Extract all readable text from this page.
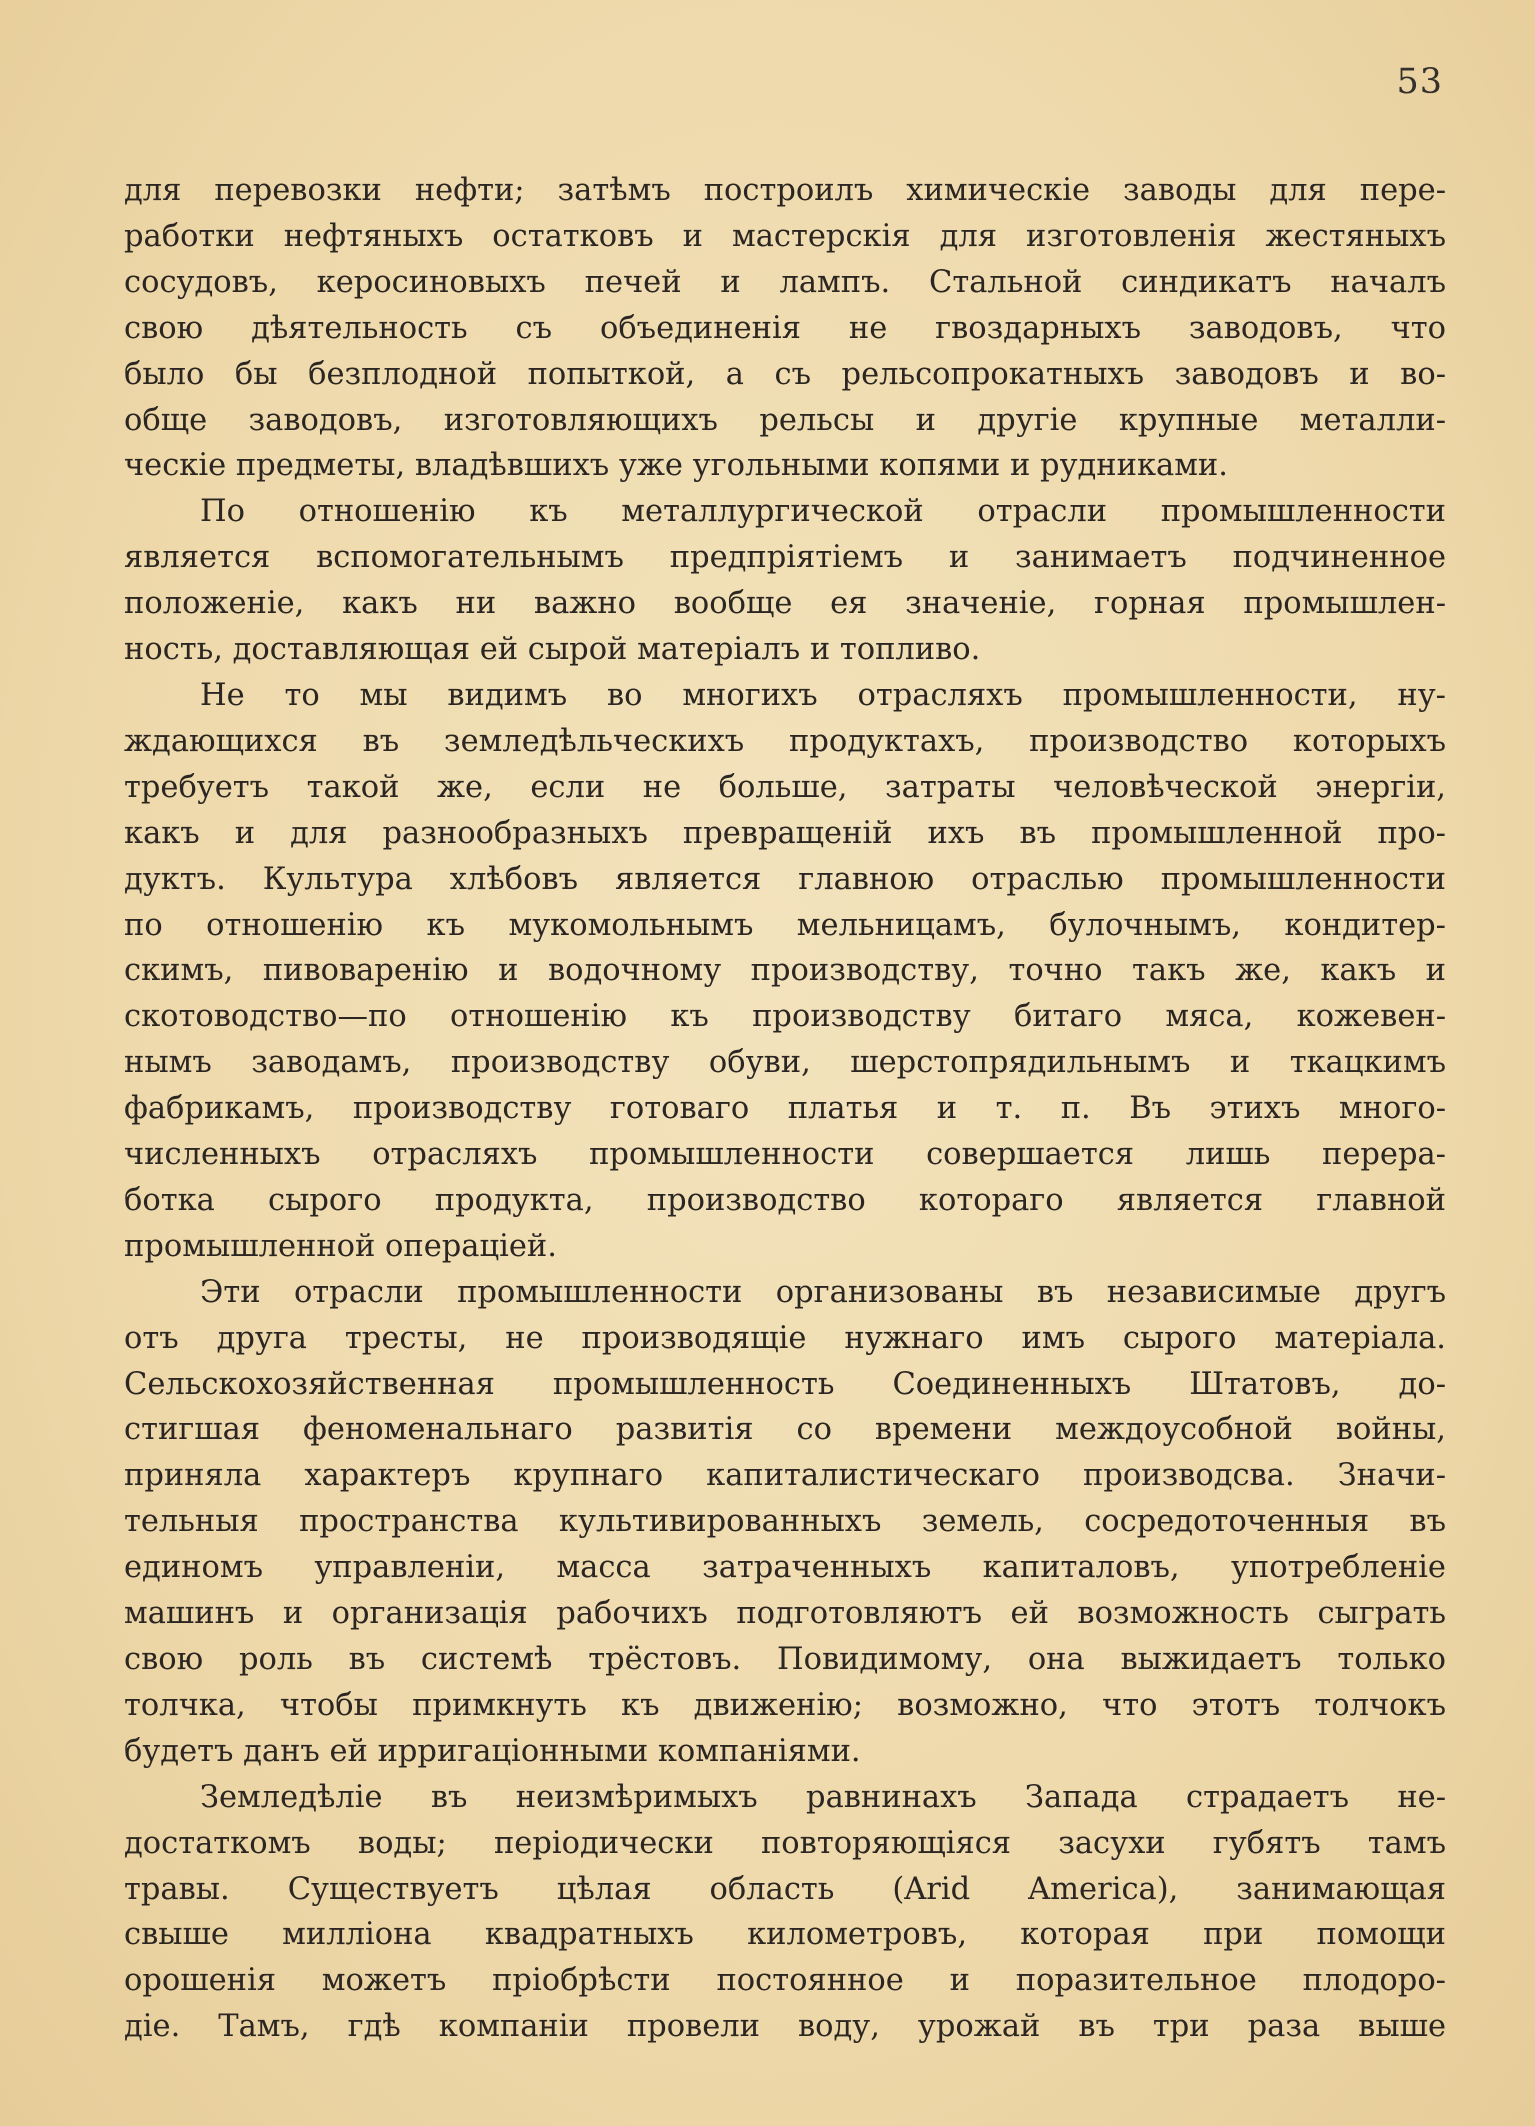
53
для перевозки нефти; затѣмъ построилъ химическіе заводы для пере-
работки нефтяныхъ остатковъ и мастерскія для изготовленія жестяныхъ
сосудовъ, керосиновыхъ печей и лампъ. Стальной синдикатъ началъ
свою дѣятельность съ объединенія не гвоздарныхъ заводовъ, что
было бы безплодной попыткой, а съ рельсопрокатныхъ заводовъ и во-
обще заводовъ, изготовляющихъ рельсы и другіе крупные металли-
ческіе предметы, владѣвшихъ уже угольными копями и рудниками.
По отношенію къ металлургической отрасли промышленности
является вспомогательнымъ предпріятіемъ и занимаетъ подчиненное
положеніе, какъ ни важно вообще ея значеніе, горная промышлен-
ность, доставляющая ей сырой матеріалъ и топливо.
Не то мы видимъ во многихъ отрасляхъ промышленности, ну-
ждающихся въ земледѣльческихъ продуктахъ, производство которыхъ
требуетъ такой же, если не больше, затраты человѣческой энергіи,
какъ и для разнообразныхъ превращеній ихъ въ промышленной про-
дуктъ. Культура хлѣбовъ является главною отраслью промышленности
по отношенію къ мукомольнымъ мельницамъ, булочнымъ, кондитер-
скимъ, пивоваренію и водочному производству, точно такъ же, какъ и
скотоводство—по отношенію къ производству битаго мяса, кожевен-
нымъ заводамъ, производству обуви, шерстопрядильнымъ и ткацкимъ
фабрикамъ, производству готоваго платья и т. п. Въ этихъ много-
численныхъ отрасляхъ промышленности совершается лишь перера-
ботка сырого продукта, производство котораго является главной
промышленной операціей.
Эти отрасли промышленности организованы въ независимые другъ
отъ друга тресты, не производящіе нужнаго имъ сырого матеріала.
Сельскохозяйственная промышленность Соединенныхъ Штатовъ, до-
стигшая феноменальнаго развитія со времени междоусобной войны,
приняла характеръ крупнаго капиталистическаго производсва. Значи-
тельныя пространства культивированныхъ земель, сосредоточенныя въ
единомъ управленіи, масса затраченныхъ капиталовъ, употребленіе
машинъ и организація рабочихъ подготовляютъ ей возможность сыграть
свою роль въ системѣ трёстовъ. Повидимому, она выжидаетъ только
толчка, чтобы примкнуть къ движенію; возможно, что этотъ толчокъ
будетъ данъ ей ирригаціонными компаніями.
Земледѣліе въ неизмѣримыхъ равнинахъ Запада страдаетъ не-
достаткомъ воды; періодически повторяющіяся засухи губятъ тамъ
травы. Существуетъ цѣлая область (Arid America), занимающая
свыше милліона квадратныхъ километровъ, которая при помощи
орошенія можетъ пріобрѣсти постоянное и поразительное плодоро-
діе. Тамъ, гдѣ компаніи провели воду, урожай въ три раза выше
